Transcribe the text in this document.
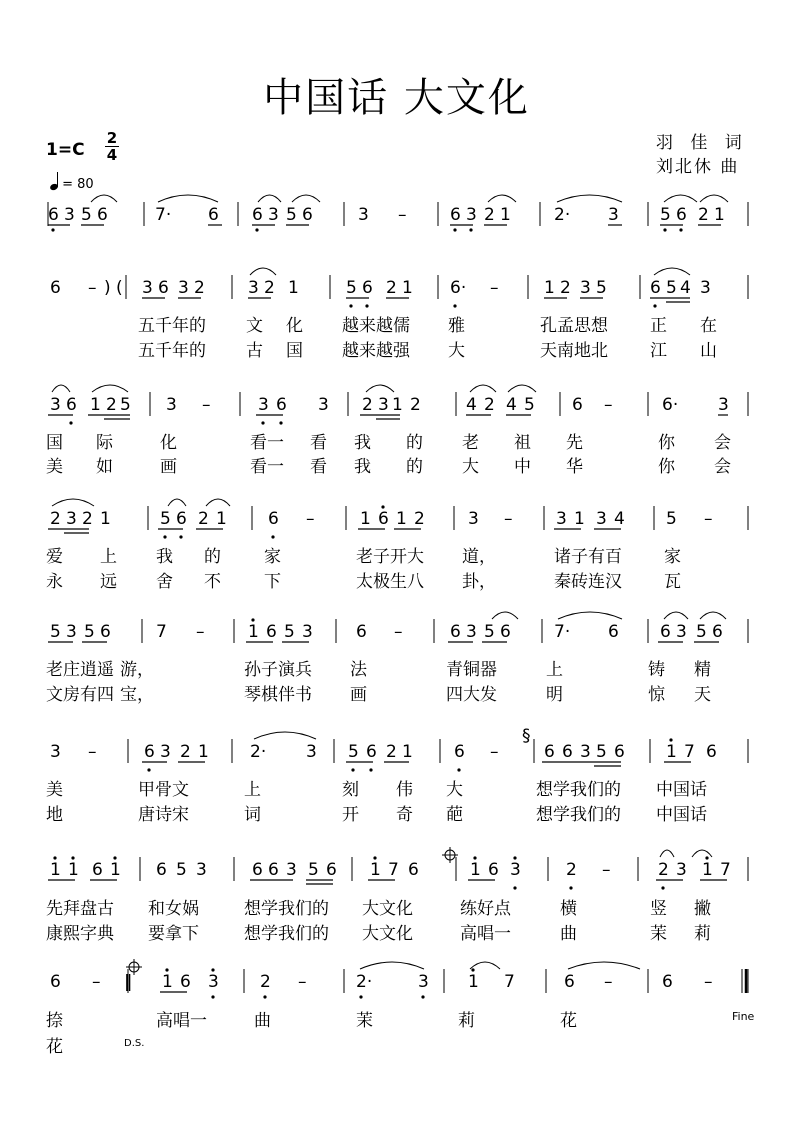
中国话 大文化
羽 佳 词
刘北休 曲
1=C
2
4
= 80
6 3 5 6	7· 6 6 3 5 6	3 –	6 3 2 1	2· 3 5 6 2 1
(
6 – ) 3 6 3 2	3 2 1	5 6 2 1 6· –	1 2 3 5	6 5 4 3
3 6 1 2 5 3 –	3 6 3 2 3 1 2	4 2 4 5 6 –	6· 3
2 3 2 1	5 6 2 1 6 –	1 6 1 2	3 –	3 1 3 4 5 –
5 3 5 6	7 –	1 6 5 3	6 –	6 3 5 6	7· 6 6 3 5 6
3 –	6 3 2 1 2· 3 5 6 2 1 6 –	6 6 3 5 6 1 7 6
1 1 6 1 6 5 3	6 6 3 5 6 1 7 6	1 6 3	2 –	2 3 1 7
‖
6 –	1 6 3 2 –	2·	3 1 7	6 –	6 –
§
五千年的 文 化 越来越儒 雅	孔孟思想 正 在
五千年的 古 国 越来越强 大	天南地北 江 山
国 际	化	看一 看 我 的 老 祖 先	你 会
美 如	画	看一 看 我 的 大 中 华	你 会
爱 上 我 的	家	老子开大 道，	诸子有百 家
永 远 舍 不	下	太极生八 卦，	秦砖连汉 瓦
老庄逍遥 游，	孙子演兵 法	青铜器	上	铸 精
文房有四 宝，	琴棋伴书 画	四大发	明	惊 天
美	甲骨文	上	刻 伟 大	想学我们的 中国话
地	唐诗宋	词	开 奇 葩	想学我们的 中国话
先拜盘古 和女娲	想学我们的 大文化	练好点	横	竖 撇
康熙字典 要拿下	想学我们的 大文化	高唱一	曲	茉 莉
捺	高唱一	曲	茉	莉	花
花
Fine
D.S.
